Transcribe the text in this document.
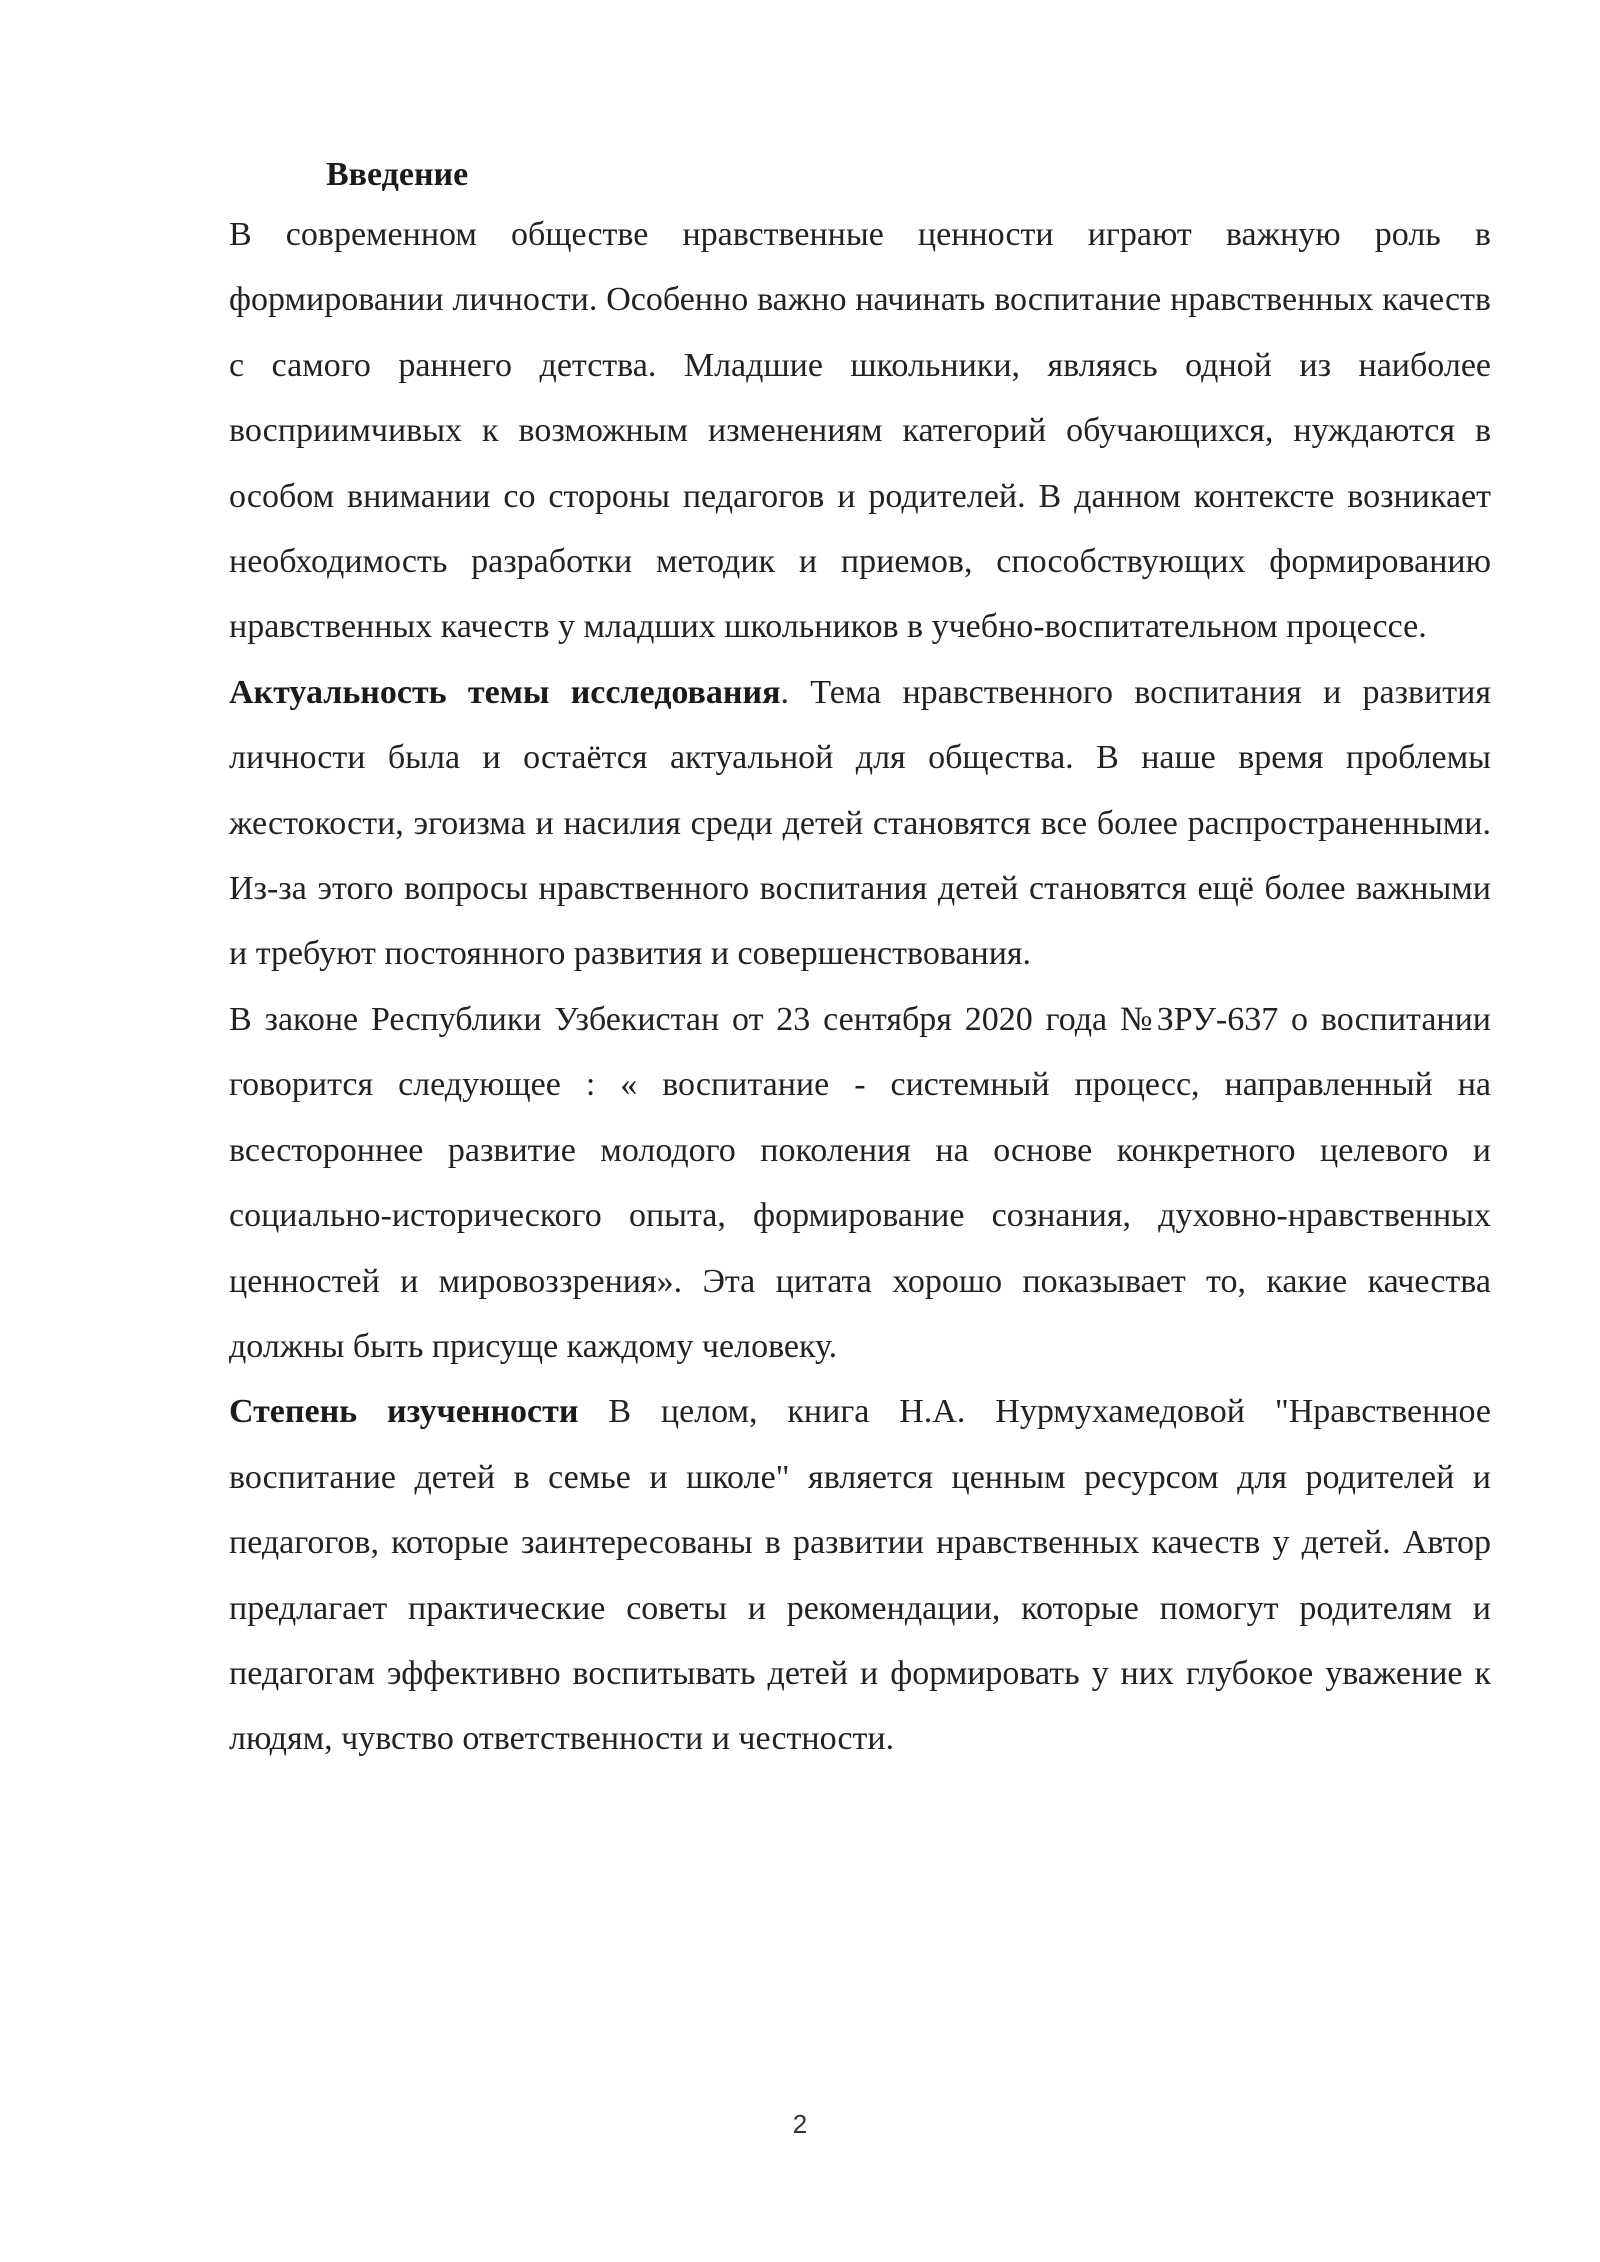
Введение

В современном обществе нравственные ценности играют важную роль в формировании личности. Особенно важно начинать воспитание нравственных качеств с самого раннего детства. Младшие школьники, являясь одной из наиболее восприимчивых к возможным изменениям категорий обучающихся, нуждаются в особом внимании со стороны педагогов и родителей. В данном контексте возникает необходимость разработки методик и приемов, способствующих формированию нравственных качеств у младших школьников в учебно-воспитательном процессе.

Актуальность темы исследования. Тема нравственного воспитания и развития личности была и остаётся актуальной для общества. В наше время проблемы жестокости, эгоизма и насилия среди детей становятся все более распространенными. Из-за этого вопросы нравственного воспитания детей становятся ещё более важными и требуют постоянного развития и совершенствования.

В законе Республики Узбекистан от 23 сентября 2020 года №ЗРУ-637 о воспитании говорится следующее : « воспитание - системный процесс, направленный на всестороннее развитие молодого поколения на основе конкретного целевого и социально-исторического опыта, формирование сознания, духовно-нравственных ценностей и мировоззрения». Эта цитата хорошо показывает то, какие качества должны быть присуще каждому человеку.

Степень изученности В целом, книга Н.А. Нурмухамедовой "Нравственное воспитание детей в семье и школе" является ценным ресурсом для родителей и педагогов, которые заинтересованы в развитии нравственных качеств у детей. Автор предлагает практические советы и рекомендации, которые помогут родителям и педагогам эффективно воспитывать детей и формировать у них глубокое уважение к людям, чувство ответственности и честности.

2
